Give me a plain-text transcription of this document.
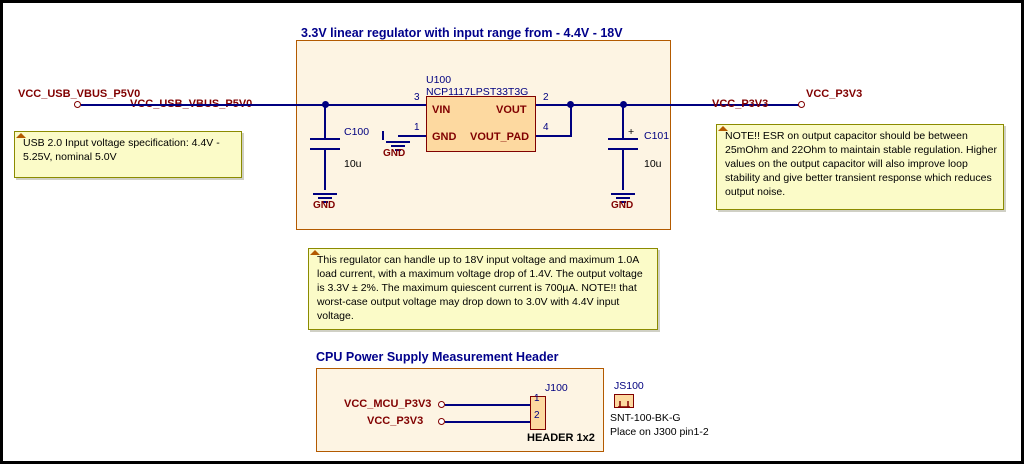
3.3V linear regulator with input range from - 4.4V - 18V
VCC_USB_VBUS_P5V0
C100
10u
GND
U100
NCP1117LPST33T3G
VIN
GND
VOUT
VOUT_PAD
3
1
2
4
GND
+ C101
10u
GND
VCC_P3V3
VCC_P3V3
USB 2.0 Input voltage specification: 4.4V - 5.25V, nominal 5.0V
NOTE!! ESR on output capacitor should be between 25mOhm and 22Ohm to maintain stable regulation. Higher values on the output capacitor will also improve loop stability and give better transient response which reduces output noise.
This regulator can handle up to 18V input voltage and maximum 1.0A load current, with a maximum voltage drop of 1.4V. The output voltage is 3.3V ± 2%. The maximum quiescent current is 700µA. NOTE!! that worst-case output voltage may drop down to 3.0V with 4.4V input voltage.
CPU Power Supply Measurement Header
VCC_MCU_P3V3
VCC_P3V3
J100
1
2
HEADER 1x2
JS100
SNT-100-BK-G
Place on J300 pin1-2
